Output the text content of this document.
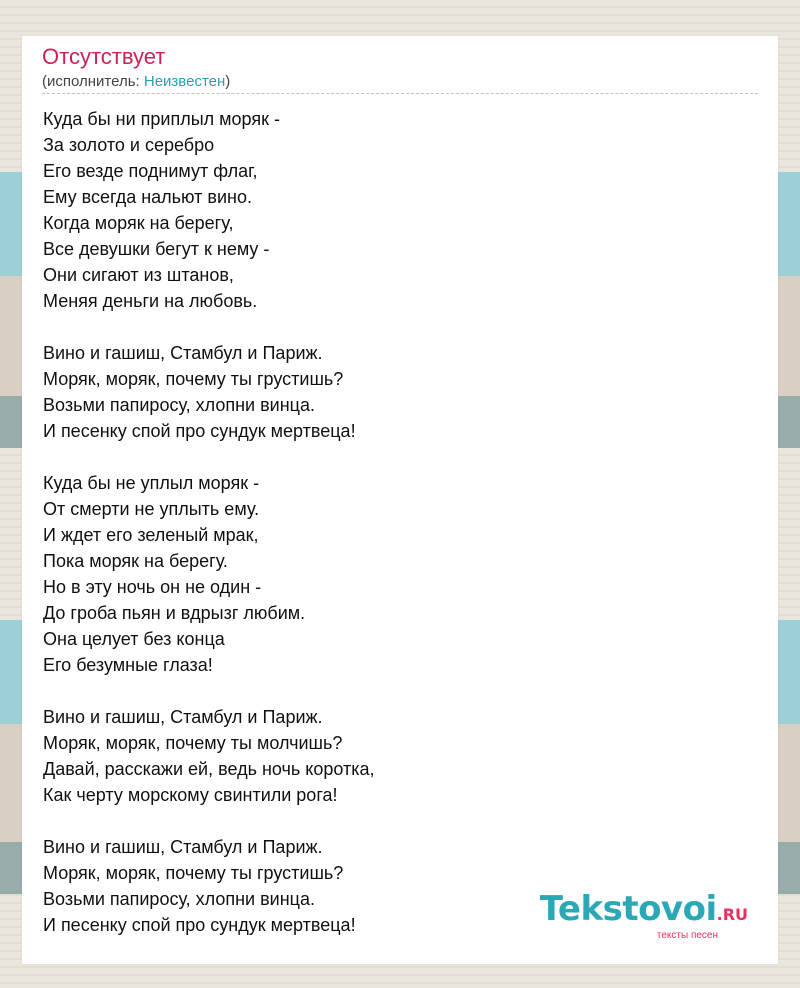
Отсутствует
(исполнитель: Неизвестен)
Куда бы ни приплыл моряк -
За золото и серебро
Его везде поднимут флаг,
Ему всегда нальют вино.
Когда моряк на берегу,
Все девушки бегут к нему -
Они сигают из штанов,
Меняя деньги на любовь.
Вино и гашиш, Стамбул и Париж.
Моряк, моряк, почему ты грустишь?
Возьми папиросу, хлопни винца.
И песенку спой про сундук мертвеца!
Куда бы не уплыл моряк -
От смерти не уплыть ему.
И ждет его зеленый мрак,
Пока моряк на берегу.
Но в эту ночь он не один -
До гроба пьян и вдрызг любим.
Она целует без конца
Его безумные глаза!
Вино и гашиш, Стамбул и Париж.
Моряк, моряк, почему ты молчишь?
Давай, расскажи ей, ведь ночь коротка,
Как черту морскому свинтили рога!
Вино и гашиш, Стамбул и Париж.
Моряк, моряк, почему ты грустишь?
Возьми папиросу, хлопни винца.
И песенку спой про сундук мертвеца!	Tekstovoi.RU
тексты песен
